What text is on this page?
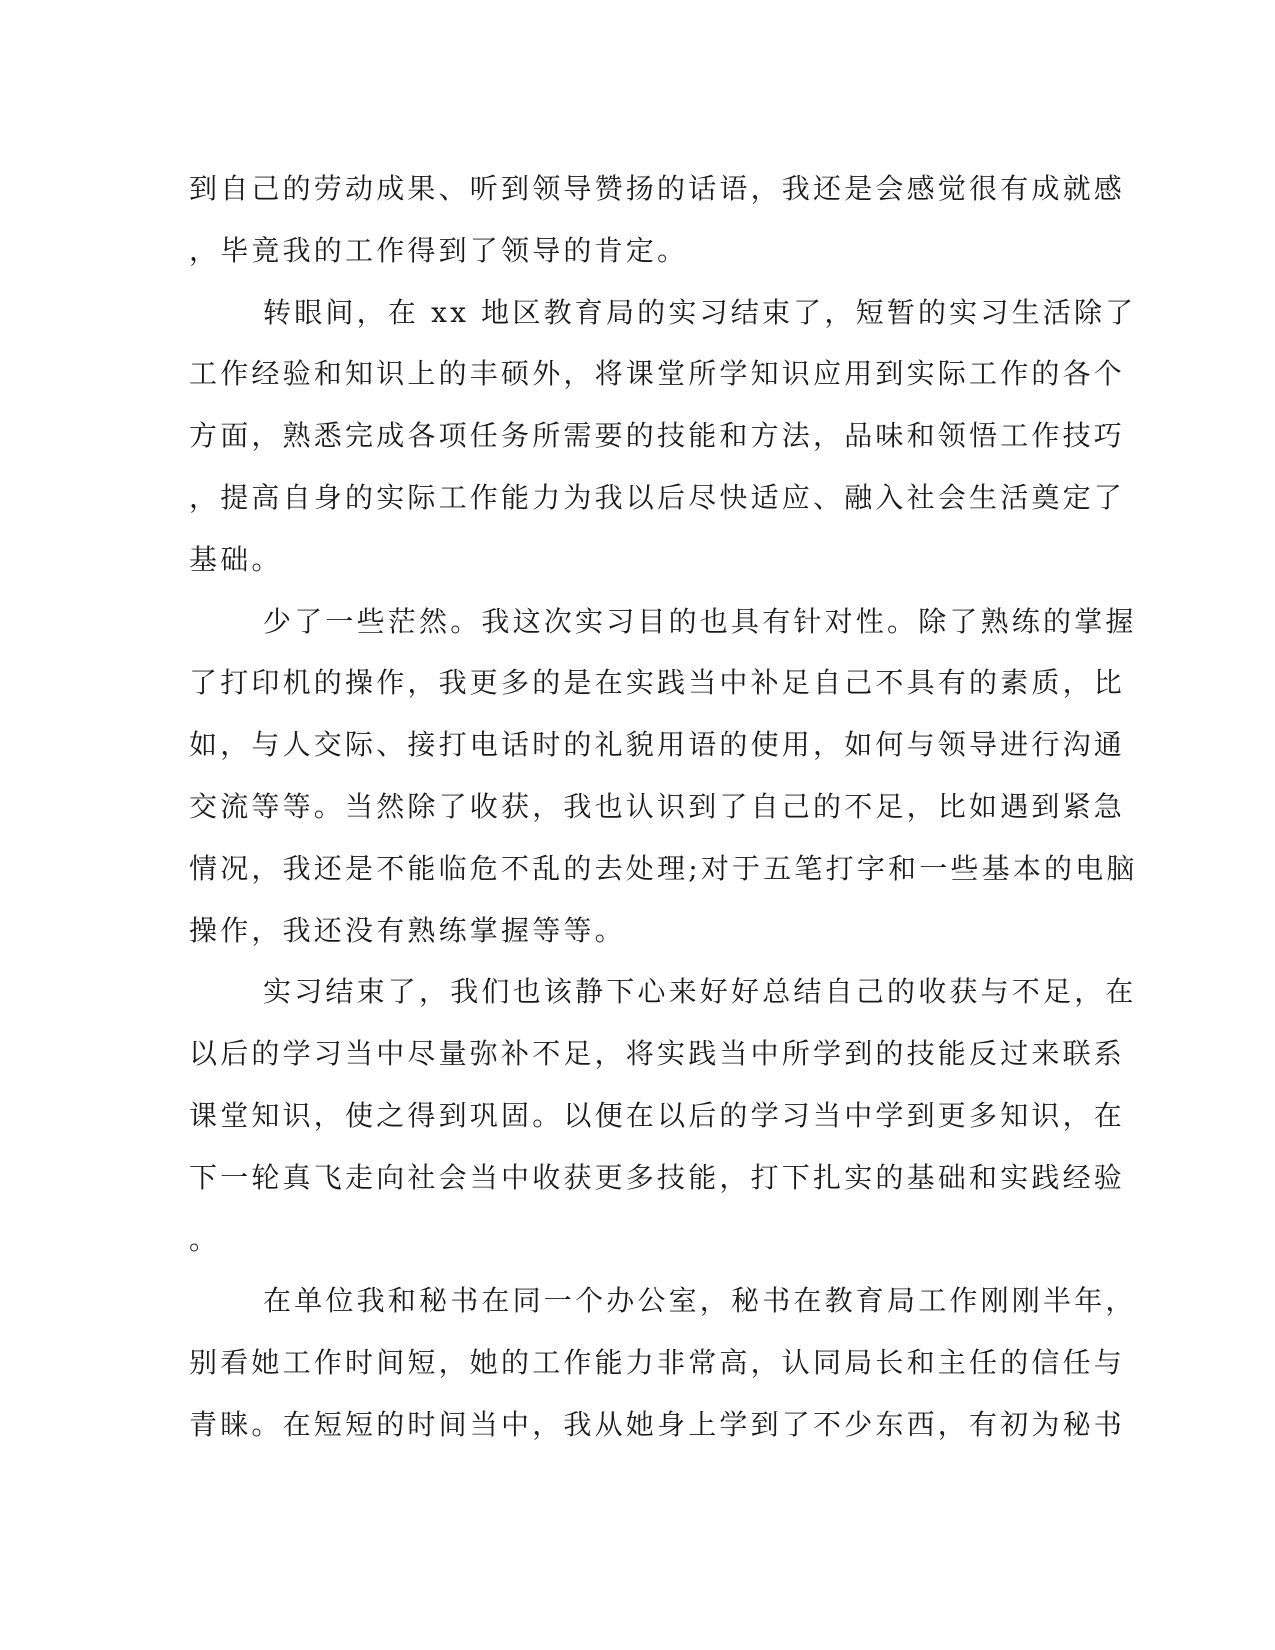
到自己的劳动成果、听到领导赞扬的话语，我还是会感觉很有成就感
，毕竟我的工作得到了领导的肯定。
转眼间，在 xx 地区教育局的实习结束了，短暂的实习生活除了
工作经验和知识上的丰硕外，将课堂所学知识应用到实际工作的各个
方面，熟悉完成各项任务所需要的技能和方法，品味和领悟工作技巧
，提高自身的实际工作能力为我以后尽快适应、融入社会生活奠定了
基础。
少了一些茫然。我这次实习目的也具有针对性。除了熟练的掌握
了打印机的操作，我更多的是在实践当中补足自己不具有的素质，比
如，与人交际、接打电话时的礼貌用语的使用，如何与领导进行沟通
交流等等。当然除了收获，我也认识到了自己的不足，比如遇到紧急
情况，我还是不能临危不乱的去处理;对于五笔打字和一些基本的电脑
操作，我还没有熟练掌握等等。
实习结束了，我们也该静下心来好好总结自己的收获与不足，在
以后的学习当中尽量弥补不足，将实践当中所学到的技能反过来联系
课堂知识，使之得到巩固。以便在以后的学习当中学到更多知识，在
下一轮真飞走向社会当中收获更多技能，打下扎实的基础和实践经验
。
在单位我和秘书在同一个办公室，秘书在教育局工作刚刚半年，
别看她工作时间短，她的工作能力非常高，认同局长和主任的信任与
青睐。在短短的时间当中，我从她身上学到了不少东西，有初为秘书
